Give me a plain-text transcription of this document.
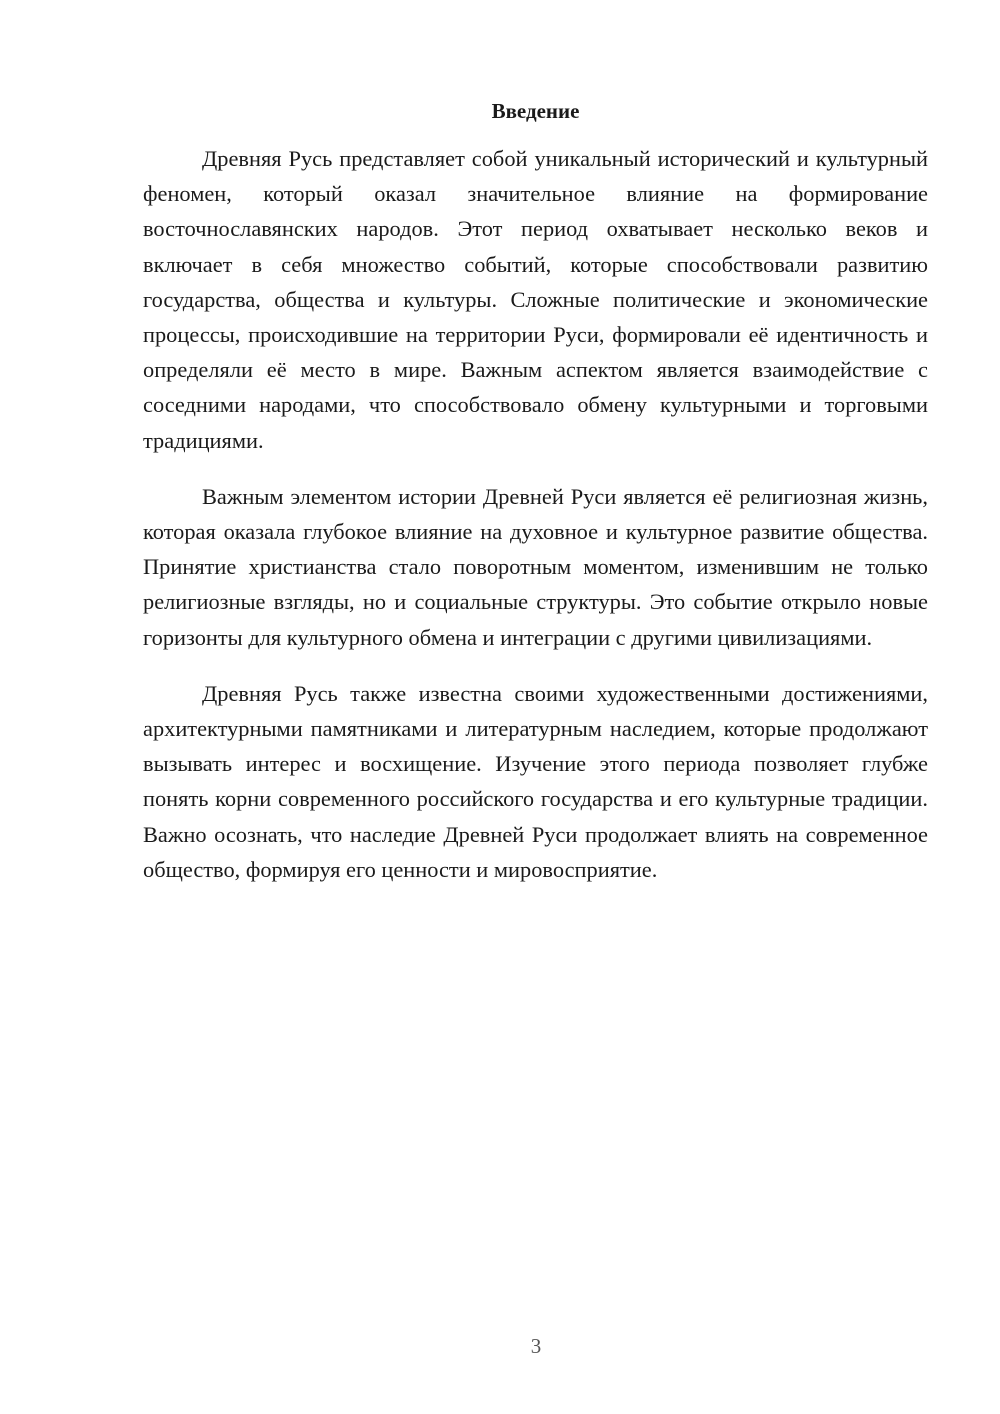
Введение

Древняя Русь представляет собой уникальный исторический и культурный феномен, который оказал значительное влияние на формирование восточнославянских народов. Этот период охватывает несколько веков и включает в себя множество событий, которые способствовали развитию государства, общества и культуры. Сложные политические и экономические процессы, происходившие на территории Руси, формировали её идентичность и определяли её место в мире. Важным аспектом является взаимодействие с соседними народами, что способствовало обмену культурными и торговыми традициями.

Важным элементом истории Древней Руси является её религиозная жизнь, которая оказала глубокое влияние на духовное и культурное развитие общества. Принятие христианства стало поворотным моментом, изменившим не только религиозные взгляды, но и социальные структуры. Это событие открыло новые горизонты для культурного обмена и интеграции с другими цивилизациями.

Древняя Русь также известна своими художественными достижениями, архитектурными памятниками и литературным наследием, которые продолжают вызывать интерес и восхищение. Изучение этого периода позволяет глубже понять корни современного российского государства и его культурные традиции. Важно осознать, что наследие Древней Руси продолжает влиять на современное общество, формируя его ценности и мировосприятие.

3
